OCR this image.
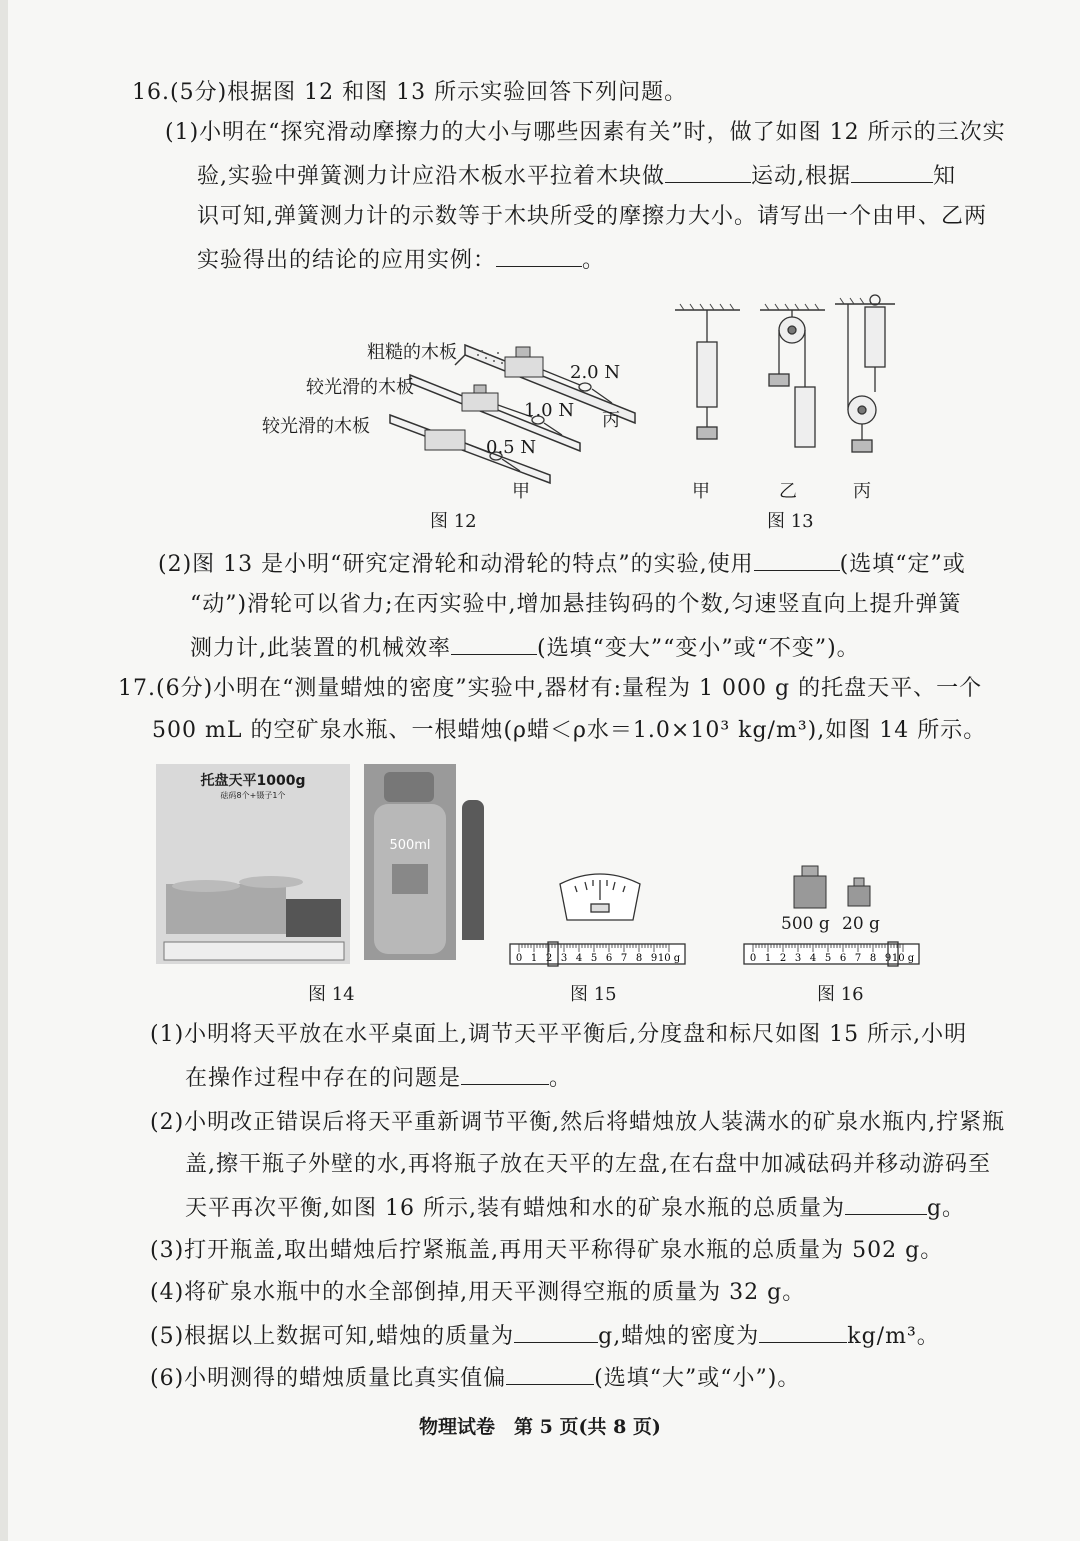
16.(5分)根据图 12 和图 13 所示实验回答下列问题。
(1)小明在“探究滑动摩擦力的大小与哪些因素有关”时，做了如图 12 所示的三次实
验,实验中弹簧测力计应沿木板水平拉着木块做	运动,根据	知
识可知,弹簧测力计的示数等于木块所受的摩擦力大小。请写出一个由甲、乙两
实验得出的结论的应用实例：	。
粗糙的木板
较光滑的木板
较光滑的木板
2.0 N
1.0 N
0.5 N
丙
甲
图 12
甲	乙	丙
图 13
(2)图 13 是小明“研究定滑轮和动滑轮的特点”的实验,使用	(选填“定”或
“动”)滑轮可以省力;在丙实验中,增加悬挂钩码的个数,匀速竖直向上提升弹簧
测力计,此装置的机械效率	(选填“变大”“变小”或“不变”)。
17.(6分)小明在“测量蜡烛的密度”实验中,器材有:量程为 1 000 g 的托盘天平、一个
500 mL 的空矿泉水瓶、一根蜡烛(ρ蜡＜ρ水＝1.0×10³ kg/m³),如图 14 所示。
托盘天平1000g
砝码8个+镊子1个
500ml
图 14
0 1 2 3 4 5 6 7 8 9 10 g
图 15
0 1 2 3 4 5 6 7 8 9 10 g
500 g 20 g
图 16
(1)小明将天平放在水平桌面上,调节天平平衡后,分度盘和标尺如图 15 所示,小明
在操作过程中存在的问题是	。
(2)小明改正错误后将天平重新调节平衡,然后将蜡烛放人装满水的矿泉水瓶内,拧紧瓶
盖,擦干瓶子外壁的水,再将瓶子放在天平的左盘,在右盘中加减砝码并移动游码至
天平再次平衡,如图 16 所示,装有蜡烛和水的矿泉水瓶的总质量为	g。
(3)打开瓶盖,取出蜡烛后拧紧瓶盖,再用天平称得矿泉水瓶的总质量为 502 g。
(4)将矿泉水瓶中的水全部倒掉,用天平测得空瓶的质量为 32 g。
(5)根据以上数据可知,蜡烛的质量为	g,蜡烛的密度为	kg/m³。
(6)小明测得的蜡烛质量比真实值偏	(选填“大”或“小”)。
物理试卷　第 5 页(共 8 页)
